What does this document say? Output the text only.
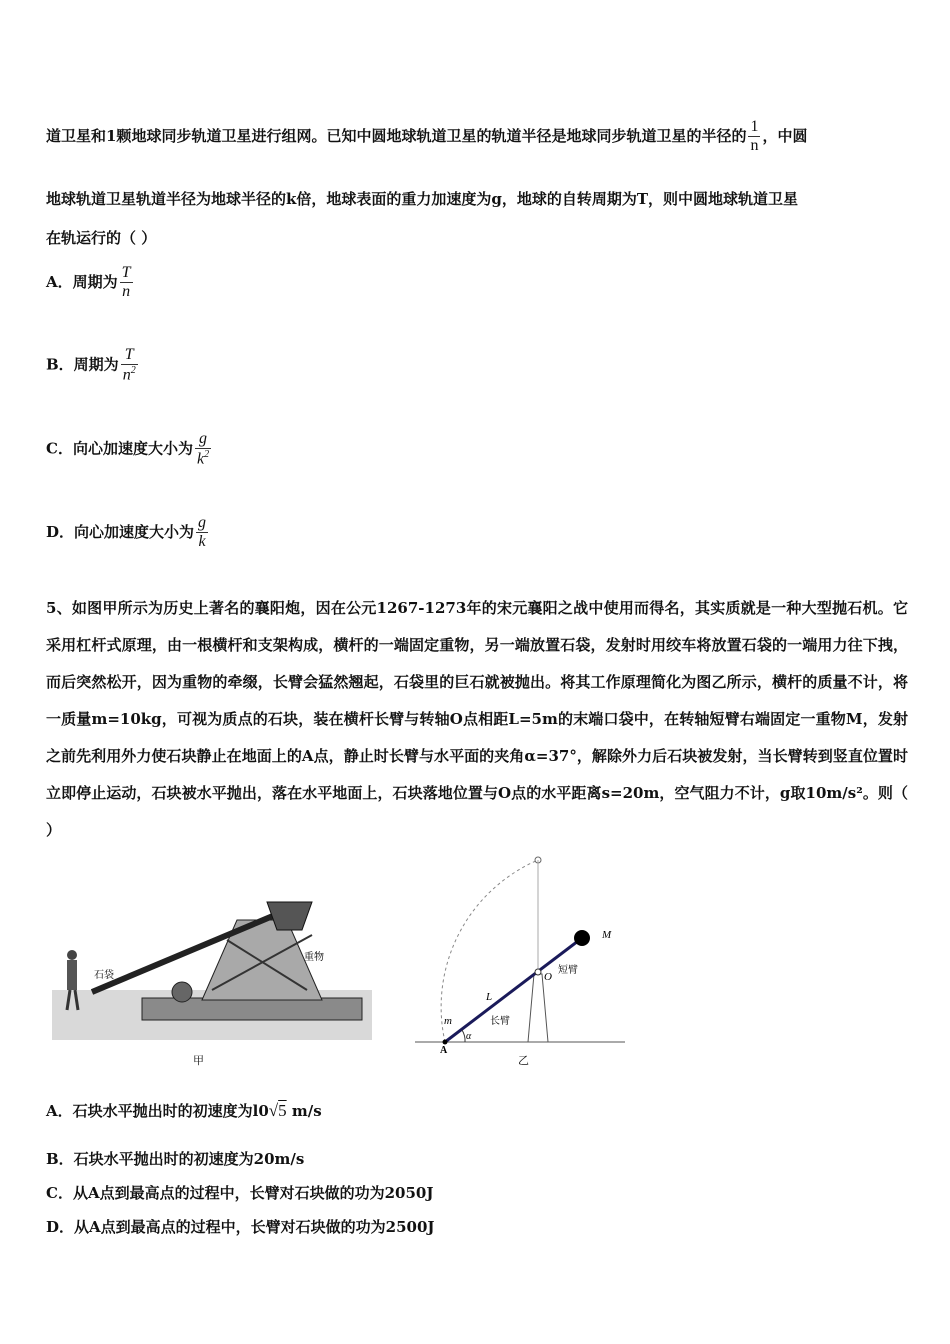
道卫星和1颗地球同步轨道卫星进行组网。已知中圆地球轨道卫星的轨道半径是地球同步轨道卫星的半径的 $\frac{1}{n}$ ，中圆
地球轨道卫星轨道半径为地球半径的k倍，地球表面的重力加速度为g，地球的自转周期为T，则中圆地球轨道卫星
在轨运行的（ ）
A．周期为 $\frac{T}{n}$
B．周期为 $\frac{T}{n^2}$
C．向心加速度大小为 $\frac{g}{k^2}$
D．向心加速度大小为 $\frac{g}{k}$
5、如图甲所示为历史上著名的襄阳炮，因在公元1267-1273年的宋元襄阳之战中使用而得名，其实质就是一种大型抛石机。它采用杠杆式原理，由一根横杆和支架构成，横杆的一端固定重物，另一端放置石袋，发射时用绞车将放置石袋的一端用力往下拽，而后突然松开，因为重物的牵缀，长臂会猛然翘起，石袋里的巨石就被抛出。将其工作原理简化为图乙所示，横杆的质量不计，将一质量m=10kg，可视为质点的石块，装在横杆长臂与转轴O点相距L=5m的末端口袋中，在转轴短臂右端固定一重物M，发射之前先利用外力使石块静止在地面上的A点，静止时长臂与水平面的夹角α=37°，解除外力后石块被发射，当长臂转到竖直位置时立即停止运动，石块被水平抛出，落在水平地面上，石块落地位置与O点的水平距离s=20m，空气阻力不计，g取10m/s²。则（ ）
石袋
重物
甲
M
O
短臂
L
m	长臂
A
α
乙
A．石块水平抛出时的初速度为l0√5 m/s
B．石块水平抛出时的初速度为20m/s
C．从A点到最高点的过程中，长臂对石块做的功为2050J
D．从A点到最高点的过程中，长臂对石块做的功为2500J
